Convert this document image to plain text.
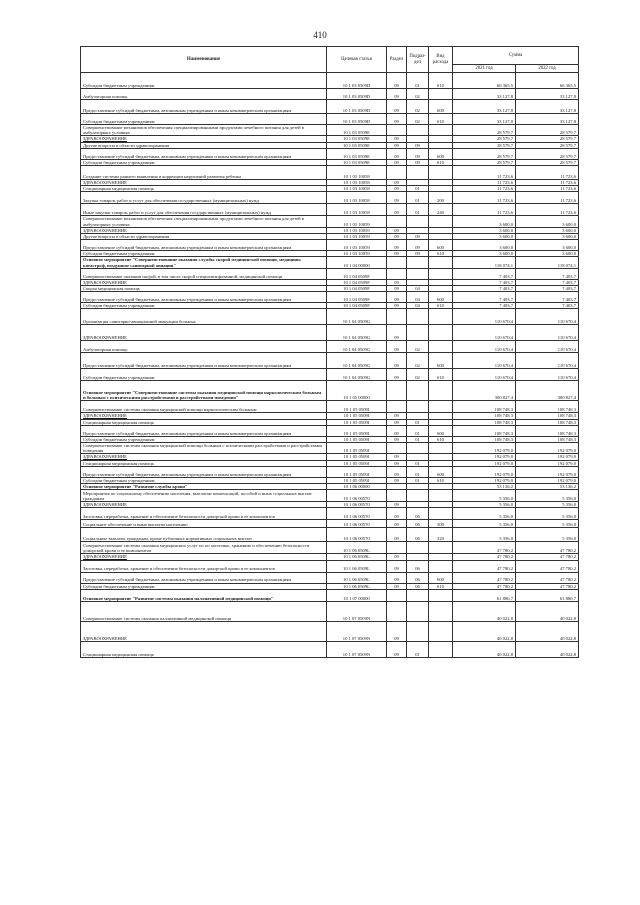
410
Наименование	Целевая статья	Раздел	Подраз-дел	Вид расхода	Сумма	
					2021 год	2022 год
Субсидии бюджетным учреждениям	10 1 03 0509D	09	01	610	66 365,5	66 365,5
Амбулаторная помощь	10 1 03 0509D	09	02		33 127,8	33 127,8
Предоставление субсидий бюджетным, автономным учреждениям и иным некоммерческим организациям	10 1 03 0509D	09	02	600	33 127,8	33 127,8
Субсидии бюджетным учреждениям	10 1 03 0509D	09	02	610	33 127,8	33 127,8
Совершенствование механизмов обеспечения специализированными продуктами лечебного питания для детей в амбулаторных условиях	10 1 03 0509E				28 579,7	28 579,7
ЗДРАВООХРАНЕНИЕ	10 1 03 0509E	09			28 579,7	28 579,7
Другие вопросы в области здравоохранения	10 1 03 0509E	09	09		28 579,7	28 579,7
Предоставление субсидий бюджетным, автономным учреждениям и иным некоммерческим организациям	10 1 03 0509E	09	09	600	28 579,7	28 579,7
Субсидии бюджетным учреждениям	10 1 03 0509E	09	09	610	28 579,7	28 579,7
Создание системы раннего выявления и коррекции нарушений развития ребенка	10 1 03 10058				11 723,6	11 723,6
ЗДРАВООХРАНЕНИЕ	10 1 03 10058	09			11 723,6	11 723,6
Стационарная медицинская помощь	10 1 03 10058	09	01		11 723,6	11 723,6
Закупка товаров, работ и услуг для обеспечения государственных (муниципальных) нужд	10 1 03 10058	09	01	200	11 723,6	11 723,6
Иные закупки товаров, работ и услуг для обеспечения государственных (муниципальных) нужд	10 1 03 10058	09	01	240	11 723,6	11 723,6
Совершенствование механизмов обеспечения специализированными продуктами лечебного питания для детей в амбулаторных условиях	10 1 03 10059				3 600,0	3 600,0
ЗДРАВООХРАНЕНИЕ	10 1 03 10059	09			3 600,0	3 600,0
Другие вопросы в области здравоохранения	10 1 03 10059	09	09		3 600,0	3 600,0
Предоставление субсидий бюджетным, автономным учреждениям и иным некоммерческим организациям	10 1 03 10059	09	09	600	3 600,0	3 600,0
Субсидии бюджетным учреждениям	10 1 03 10059	09	09	610	3 600,0	3 600,0
Основное мероприятие "Совершенствование оказания службы скорой медицинской помощи, медицины катастроф, воздушное санитарной авиации"	10 1 04 00000				118 074,1	118 074,1
Совершенствование оказания скорой, в том числе скорой специализированной, медицинской помощи	10 1 04 0509F				7 403,7	7 403,7
ЗДРАВООХРАНЕНИЕ	10 1 04 0509F	09			7 403,7	7 403,7
Скорая медицинская помощь	10 1 04 0509F	09	04		7 403,7	7 403,7
Предоставление субсидий бюджетным, автономным учреждениям и иным некоммерческим организациям	10 1 04 0509F	09	04	600	7 403,7	7 403,7
Субсидии бюджетным учреждениям	10 1 04 0509F	09	04	610	7 403,7	7 403,7
Организация санитарно-авиационной эвакуации больных	10 1 04 0509G				110 670,4	110 670,4
ЗДРАВООХРАНЕНИЕ	10 1 04 0509G	09			110 670,4	110 670,4
Амбулаторная помощь	10 1 04 0509G	09	02		110 670,4	110 670,4
Предоставление субсидий бюджетным, автономным учреждениям и иным некоммерческим организациям	10 1 04 0509G	09	02	600	110 670,4	110 670,4
Субсидии бюджетным учреждениям	10 1 04 0509G	09	02	610	110 670,4	110 670,4
Основное мероприятие "Совершенствование системы оказания медицинской помощи наркологическим больным и больным с психическими расстройствами и расстройствами поведения"	10 1 05 00000				300 827,4	300 827,4
Совершенствование системы оказания медицинской помощи наркологическим больным	10 1 05 0509I				108 748,3	108 748,3
ЗДРАВООХРАНЕНИЕ	10 1 05 0509I	09			108 748,3	108 748,3
Стационарная медицинская помощь	10 1 05 0509I	09	01		108 748,3	108 748,3
Предоставление субсидий бюджетным, автономным учреждениям и иным некоммерческим организациям	10 1 05 0509I	09	01	600	108 748,3	108 748,3
Субсидии бюджетным учреждениям	10 1 05 0509I	09	01	610	108 748,3	108 748,3
Совершенствование системы оказания медицинской помощи больным с психическими расстройствами и расстройствами поведения	10 1 05 0509J				192 079,0	192 079,0
ЗДРАВООХРАНЕНИЕ	10 1 05 0509J	09			192 079,0	192 079,0
Стационарная медицинская помощь	10 1 05 0509J	09	01		192 079,0	192 079,0
Предоставление субсидий бюджетным, автономным учреждениям и иным некоммерческим организациям	10 1 05 0509J	09	01	600	192 079,0	192 079,0
Субсидии бюджетным учреждениям	10 1 05 0509J	09	01	610	192 079,0	192 079,0
Основное мероприятие "Развитие службы крови"	10 1 06 00000				53 136,2	53 136,2
Мероприятия по социальному обеспечению населения, выплатам компенсаций, пособий и иных социальных выплат гражданам	10 1 06 00570				5 356,0	5 356,0
ЗДРАВООХРАНЕНИЕ	10 1 06 00570	09			5 356,0	5 356,0
Заготовка, переработка, хранение и обеспечение безопасности донорской крови и ее компонентов	10 1 06 00570	09	06		5 356,0	5 356,0
Социальное обеспечение и иные выплаты населению	10 1 06 00570	09	06	300	5 356,0	5 356,0
Социальные выплаты гражданам, кроме публичных нормативных социальных выплат	10 1 06 00570	09	06	320	5 356,0	5 356,0
Совершенствование системы оказания медицинских услуг по по заготовке, хранению и обеспечению безопасности донорской крови и ее компонентов	10 1 06 0509L				47 780,2	47 780,2
ЗДРАВООХРАНЕНИЕ	10 1 06 0509L	09			47 780,2	47 780,2
Заготовка, переработка, хранение и обеспечение безопасности донорской крови и ее компонентов	10 1 06 0509L	09	06		47 780,2	47 780,2
Предоставление субсидий бюджетным, автономным учреждениям и иным некоммерческим организациям	10 1 06 0509L	09	06	600	47 780,2	47 780,2
Субсидии бюджетным учреждениям	10 1 06 0509L	09	06	610	47 780,2	47 780,2
Основное мероприятие "Развитие системы оказания паллиативной медицинской помощи"	10 1 07 00000				61 880,7	61 880,7
Совершенствование системы оказания паллиативной медицинской помощи	10 1 07 0509N				40 022,8	40 022,8
ЗДРАВООХРАНЕНИЕ	10 1 07 0509N	09			40 022,8	40 022,8
Стационарная медицинская помощь	10 1 07 0509N	09	01		40 022,8	40 022,8
